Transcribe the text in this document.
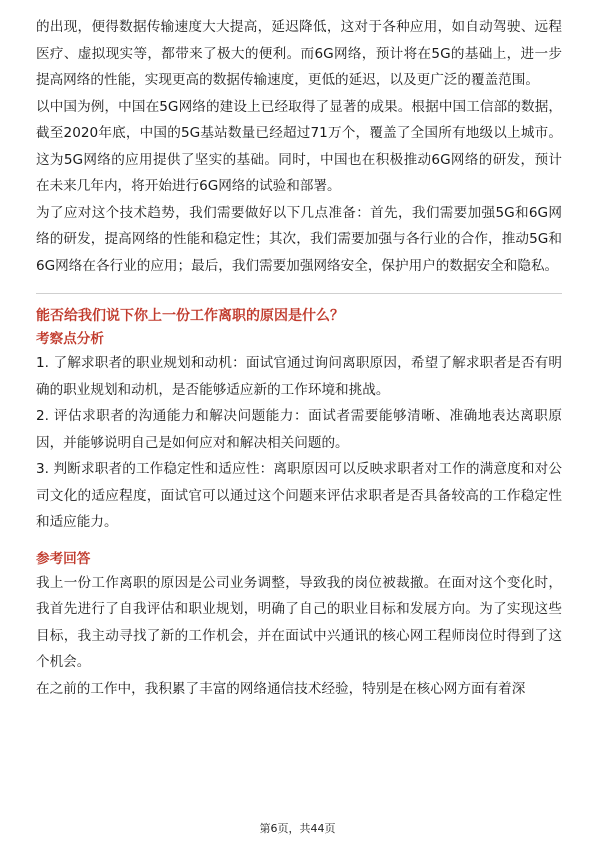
的出现，便得数据传输速度大大提高，延迟降低，这对于各种应用，如自动驾驶、远程医疗、虚拟现实等，都带来了极大的便利。而6G网络，预计将在5G的基础上，进一步提高网络的性能，实现更高的数据传输速度，更低的延迟，以及更广泛的覆盖范围。

以中国为例，中国在5G网络的建设上已经取得了显著的成果。根据中国工信部的数据，截至2020年底，中国的5G基站数量已经超过71万个，覆盖了全国所有地级以上城市。这为5G网络的应用提供了坚实的基础。同时，中国也在积极推动6G网络的研发，预计在未来几年内，将开始进行6G网络的试验和部署。

为了应对这个技术趋势，我们需要做好以下几点准备：首先，我们需要加强5G和6G网络的研发，提高网络的性能和稳定性；其次，我们需要加强与各行业的合作，推动5G和6G网络在各行业的应用；最后，我们需要加强网络安全，保护用户的数据安全和隐私。

能否给我们说下你上一份工作离职的原因是什么？

考察点分析

1. 了解求职者的职业规划和动机：面试官通过询问离职原因，希望了解求职者是否有明确的职业规划和动机，是否能够适应新的工作环境和挑战。

2. 评估求职者的沟通能力和解决问题能力：面试者需要能够清晰、准确地表达离职原因，并能够说明自己是如何应对和解决相关问题的。

3. 判断求职者的工作稳定性和适应性：离职原因可以反映求职者对工作的满意度和对公司文化的适应程度，面试官可以通过这个问题来评估求职者是否具备较高的工作稳定性和适应能力。

参考回答

我上一份工作离职的原因是公司业务调整，导致我的岗位被裁撤。在面对这个变化时，我首先进行了自我评估和职业规划，明确了自己的职业目标和发展方向。为了实现这些目标，我主动寻找了新的工作机会，并在面试中兴通讯的核心网工程师岗位时得到了这个机会。

在之前的工作中，我积累了丰富的网络通信技术经验，特别是在核心网方面有着深

第6页，共44页
